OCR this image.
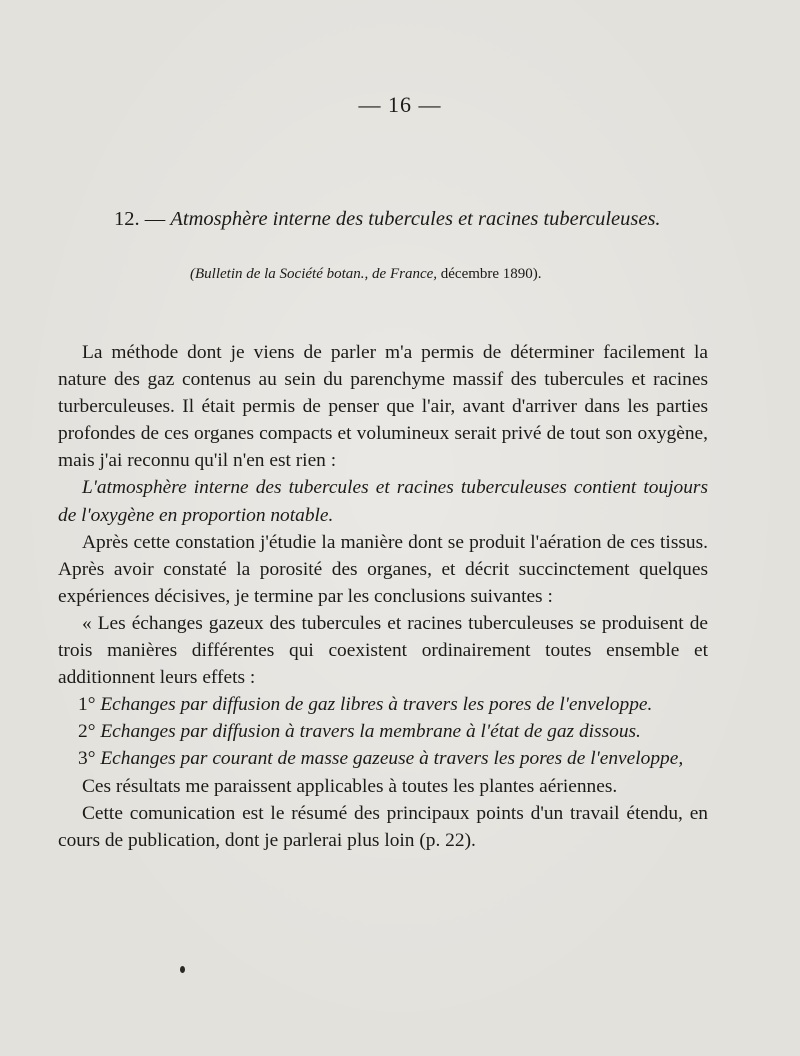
— 16 —
12. — Atmosphère interne des tubercules et racines tuberculeuses.
(Bulletin de la Société botan., de France, décembre 1890).

La méthode dont je viens de parler m'a permis de déterminer facilement la nature des gaz contenus au sein du parenchyme massif des tubercules et racines turberculeuses. Il était permis de penser que l'air, avant d'arriver dans les parties profondes de ces organes compacts et volumineux serait privé de tout son oxygène, mais j'ai reconnu qu'il n'en est rien :

L'atmosphère interne des tubercules et racines tuberculeuses contient toujours de l'oxygène en proportion notable.

Après cette constation j'étudie la manière dont se produit l'aération de ces tissus. Après avoir constaté la porosité des organes, et décrit succinctement quelques expériences décisives, je termine par les conclusions suivantes :

« Les échanges gazeux des tubercules et racines tuberculeuses se produisent de trois manières différentes qui coexistent ordinairement toutes ensemble et additionnent leurs effets :

1° Echanges par diffusion de gaz libres à travers les pores de l'enveloppe.

2° Echanges par diffusion à travers la membrane à l'état de gaz dissous.

3° Echanges par courant de masse gazeuse à travers les pores de l'enveloppe,

Ces résultats me paraissent applicables à toutes les plantes aériennes.

Cette comunication est le résumé des principaux points d'un travail étendu, en cours de publication, dont je parlerai plus loin (p. 22).
